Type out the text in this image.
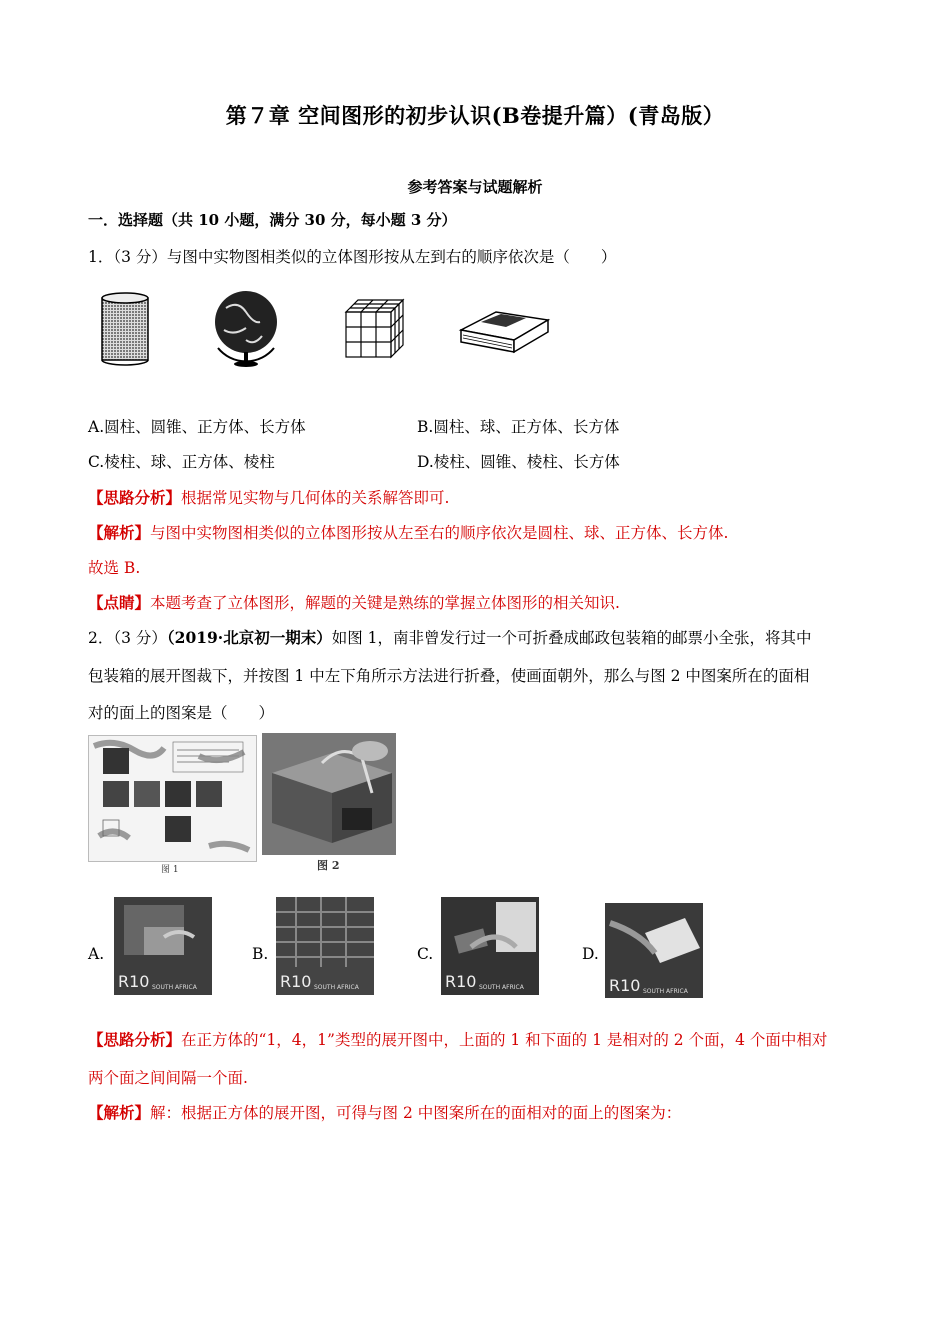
第７章 空间图形的初步认识(B卷提升篇）(青岛版）
参考答案与试题解析
一．选择题（共 10 小题，满分 30 分，每小题 3 分）
1．（3 分）与图中实物图相类似的立体图形按从左到右的顺序依次是（　　）
A.圆柱、圆锥、正方体、长方体	B.圆柱、球、正方体、长方体
C.棱柱、球、正方体、棱柱	D.棱柱、圆锥、棱柱、长方体
【思路分析】根据常见实物与几何体的关系解答即可.
【解析】与图中实物图相类似的立体图形按从左至右的顺序依次是圆柱、球、正方体、长方体.
故选 B.
【点睛】本题考查了立体图形，解题的关键是熟练的掌握立体图形的相关知识.
2．（3 分）（2019·北京初一期末）如图 1，南非曾发行过一个可折叠成邮政包装箱的邮票小全张，将其中
包装箱的展开图裁下，并按图 1 中左下角所示方法进行折叠，使画面朝外，那么与图 2 中图案所在的面相
对的面上的图案是（　　）
图 1	图 2
A.
R10 SOUTH AFRICA
B.
R10 SOUTH AFRICA
C.
R10 SOUTH AFRICA
D.
R10 SOUTH AFRICA
【思路分析】在正方体的“1，4，1”类型的展开图中，上面的 1 和下面的 1 是相对的 2 个面，4 个面中相对
两个面之间间隔一个面.
【解析】解：根据正方体的展开图，可得与图 2 中图案所在的面相对的面上的图案为：
